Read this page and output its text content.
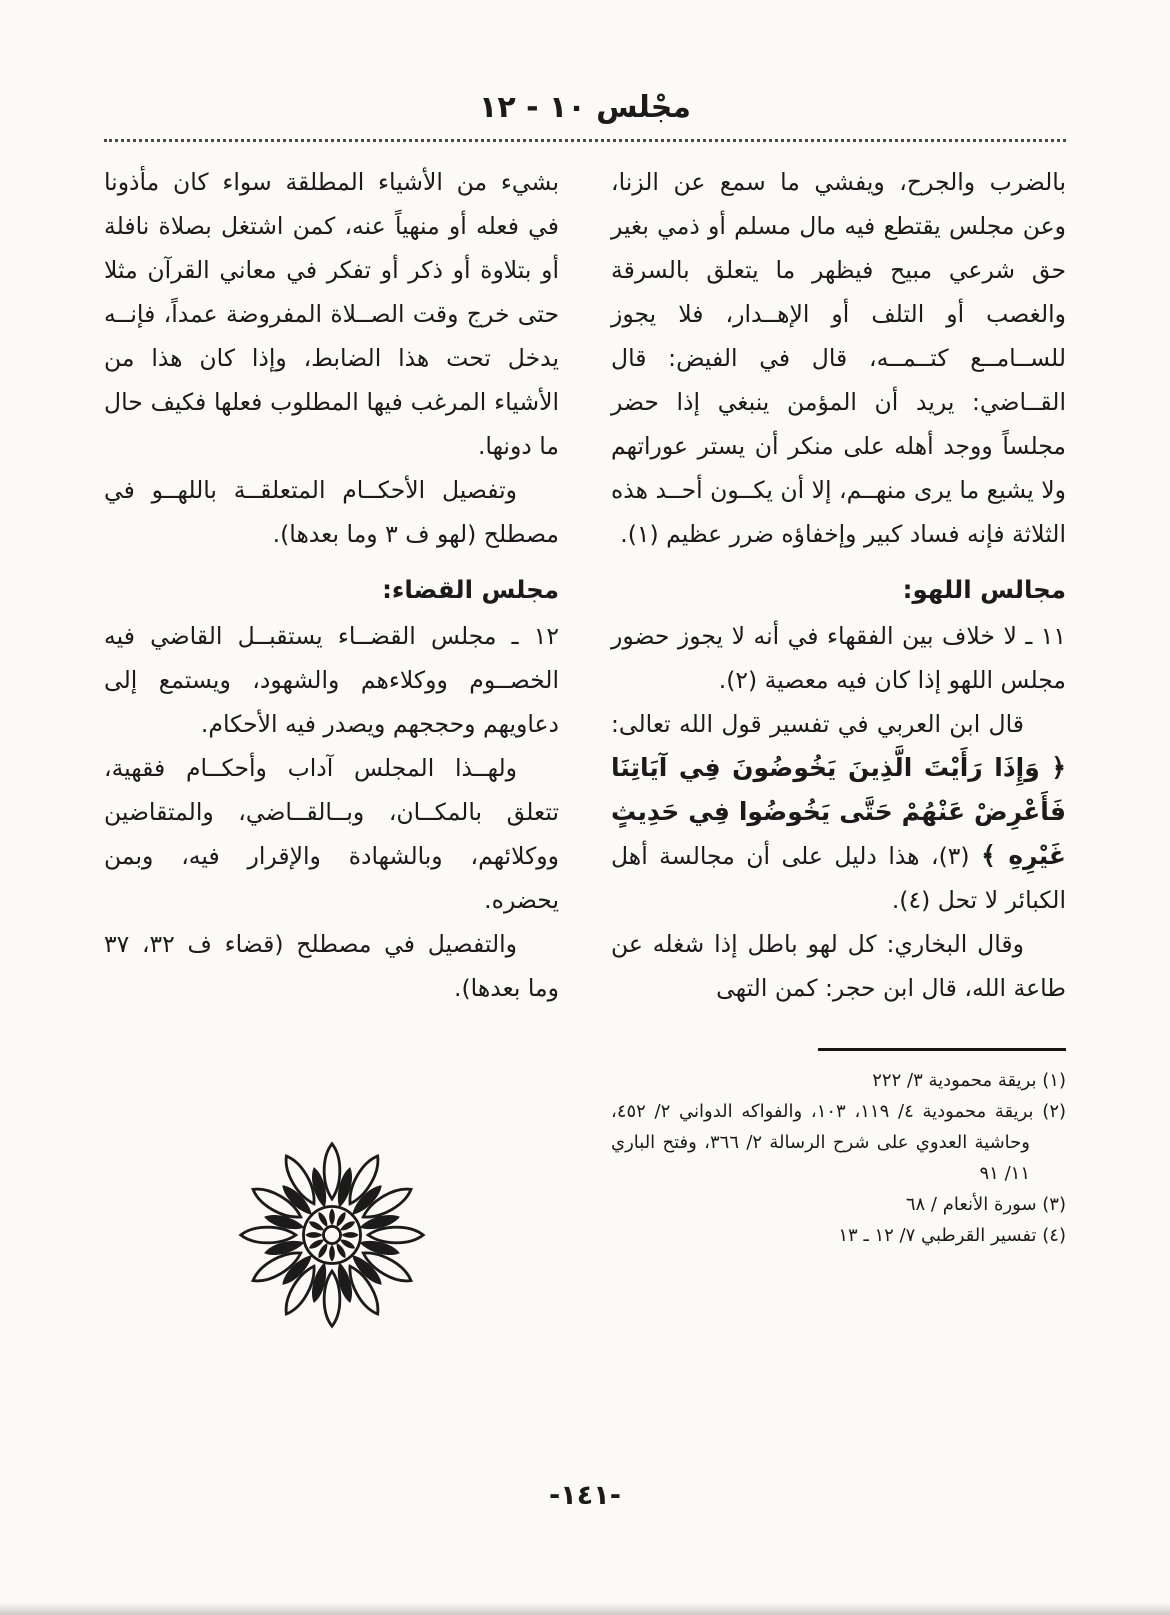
مجْلس ١٠ - ١٢

بالضرب والجرح، ويفشي ما سمع عن الزنا، وعن مجلس يقتطع فيه مال مسلم أو ذمي بغير حق شرعي مبيح فيظهر ما يتعلق بالسرقة والغصب أو التلف أو الإهــدار، فلا يجوز للســامــع كتــمــه، قال في الفيض: قال القــاضي: يريد أن المؤمن ينبغي إذا حضر مجلساً ووجد أهله على منكر أن يستر عوراتهم ولا يشيع ما يرى منهــم، إلا أن يكــون أحــد هذه الثلاثة فإنه فساد كبير وإخفاؤه ضرر عظيم (١).

مجالس اللهو:

١١ ـ لا خلاف بين الفقهاء في أنه لا يجوز حضور مجلس اللهو إذا كان فيه معصية (٢).

قال ابن العربي في تفسير قول الله تعالى: ﴿ وَإِذَا رَأَيْتَ الَّذِينَ يَخُوضُونَ فِي آيَاتِنَا فَأَعْرِضْ عَنْهُمْ حَتَّى يَخُوضُوا فِي حَدِيثٍ غَيْرِهِ ﴾ (٣)، هذا دليل على أن مجالسة أهل الكبائر لا تحل (٤).

وقال البخاري: كل لهو باطل إذا شغله عن طاعة الله، قال ابن حجر: كمن التهى

(١) بريقة محمودية ٣/ ٢٢٢
(٢) بريقة محمودية ٤/ ١١٩، ١٠٣، والفواكه الدواني ٢/ ٤٥٢، وحاشية العدوي على شرح الرسالة ٢/ ٣٦٦، وفتح الباري ١١/ ٩١
(٣) سورة الأنعام / ٦٨
(٤) تفسير القرطبي ٧/ ١٢ ـ ١٣

بشيء من الأشياء المطلقة سواء كان مأذونا في فعله أو منهياً عنه، كمن اشتغل بصلاة نافلة أو بتلاوة أو ذكر أو تفكر في معاني القرآن مثلا حتى خرج وقت الصــلاة المفروضة عمداً، فإنــه يدخل تحت هذا الضابط، وإذا كان هذا من الأشياء المرغب فيها المطلوب فعلها فكيف حال ما دونها.

وتفصيل الأحكــام المتعلقــة باللهــو في مصطلح (لهو ف ٣ وما بعدها).

مجلس القضاء:

١٢ ـ مجلس القضــاء يستقبــل القاضي فيه الخصــوم ووكلاءهم والشهود، ويستمع إلى دعاويهم وحججهم ويصدر فيه الأحكام.

ولهــذا المجلس آداب وأحكــام فقهية، تتعلق بالمكــان، وبــالقــاضي، والمتقاضين ووكلائهم، وبالشهادة والإقرار فيه، وبمن يحضره.

والتفصيل في مصطلح (قضاء ف ٣٢، ٣٧ وما بعدها).

-١٤١-
